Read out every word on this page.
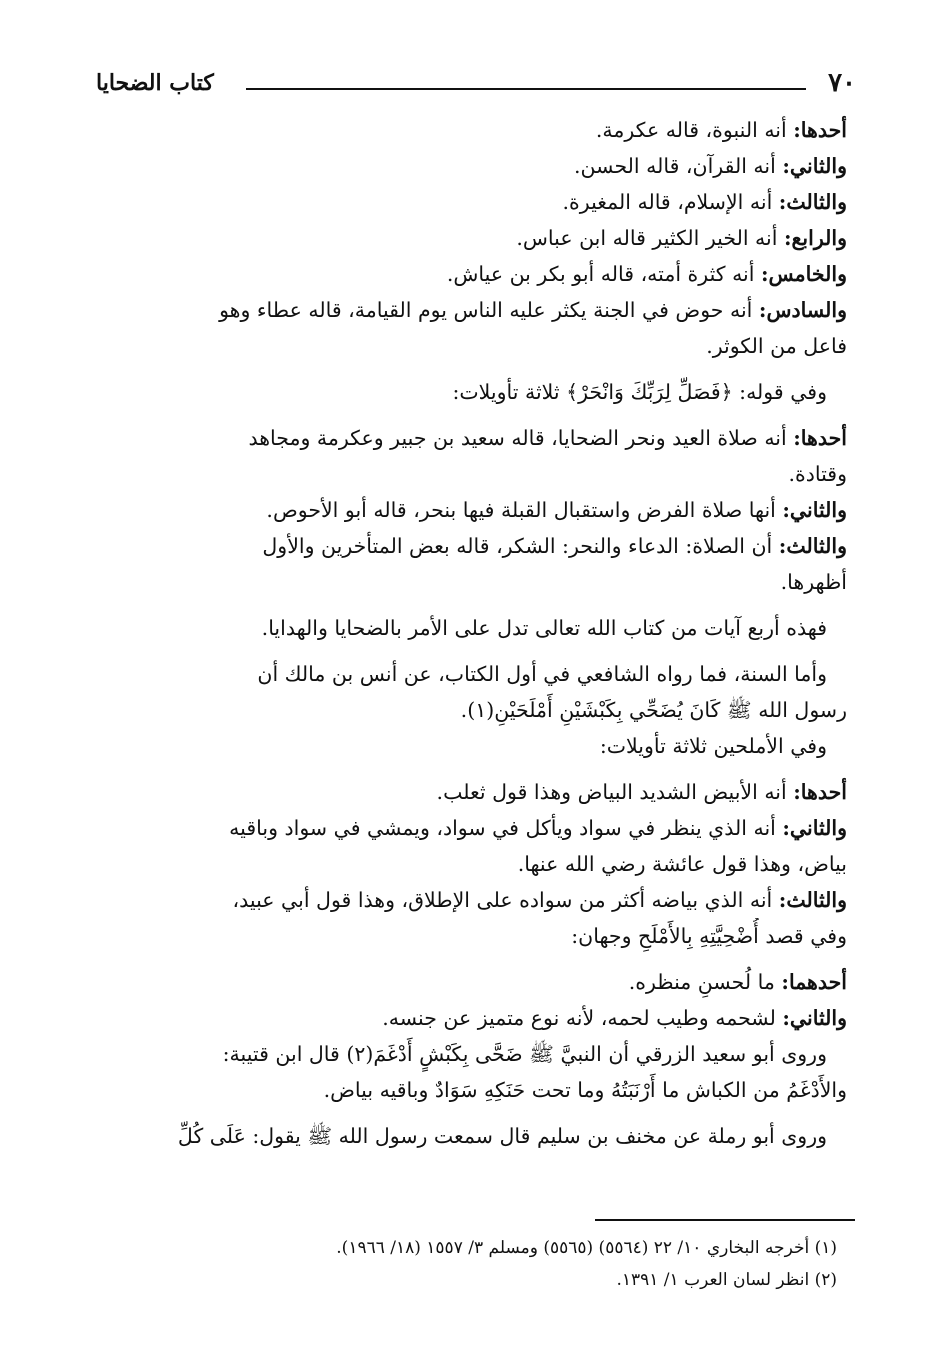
٧٠
كتاب الضحايا
أحدها: أنه النبوة، قاله عكرمة.
والثاني: أنه القرآن، قاله الحسن.
والثالث: أنه الإسلام، قاله المغيرة.
والرابع: أنه الخير الكثير قاله ابن عباس.
والخامس: أنه كثرة أمته، قاله أبو بكر بن عياش.
والسادس: أنه حوض في الجنة يكثر عليه الناس يوم القيامة، قاله عطاء وهو
فاعل من الكوثر.
وفي قوله: ﴿فَصَلِّ لِرَبِّكَ وَانْحَرْ﴾ ثلاثة تأويلات:
أحدها: أنه صلاة العيد ونحر الضحايا، قاله سعيد بن جبير وعكرمة ومجاهد
وقتادة.
والثاني: أنها صلاة الفرض واستقبال القبلة فيها بنحر، قاله أبو الأحوص.
والثالث: أن الصلاة: الدعاء والنحر: الشكر، قاله بعض المتأخرين والأول
أظهرها.
فهذه أربع آيات من كتاب الله تعالى تدل على الأمر بالضحايا والهدايا.
وأما السنة، فما رواه الشافعي في أول الكتاب، عن أنس بن مالك أن
رسول الله ﷺ كَانَ يُضَحِّي بِكَبْشَيْنِ أَمْلَحَيْنِ(١).
وفي الأملحين ثلاثة تأويلات:
أحدها: أنه الأبيض الشديد البياض وهذا قول ثعلب.
والثاني: أنه الذي ينظر في سواد ويأكل في سواد، ويمشي في سواد وباقيه
بياض، وهذا قول عائشة رضي الله عنها.
والثالث: أنه الذي بياضه أكثر من سواده على الإطلاق، وهذا قول أبي عبيد،
وفي قصد أُضْحِيَّتِهِ بِالأَمْلَحِ وجهان:
أحدهما: ما لُحسنِ منظره.
والثاني: لشحمه وطيب لحمه، لأنه نوع متميز عن جنسه.
وروى أبو سعيد الزرقي أن النبيَّ ﷺ ضَحَّى بِكَبْشٍ أَدْغَمَ(٢) قال ابن قتيبة:
والأَدْغَمُ من الكباش ما أَرْنَبَتُهُ وما تحت حَنَكِهِ سَوَادٌ وباقيه بياض.
وروى أبو رملة عن مخنف بن سليم قال سمعت رسول الله ﷺ يقول: عَلَى كُلِّ
(١) أخرجه البخاري ١٠/ ٢٢ (٥٥٦٤) (٥٥٦٥) ومسلم ٣/ ١٥٥٧ (١٨/ ١٩٦٦).
(٢) انظر لسان العرب ١/ ١٣٩١.
